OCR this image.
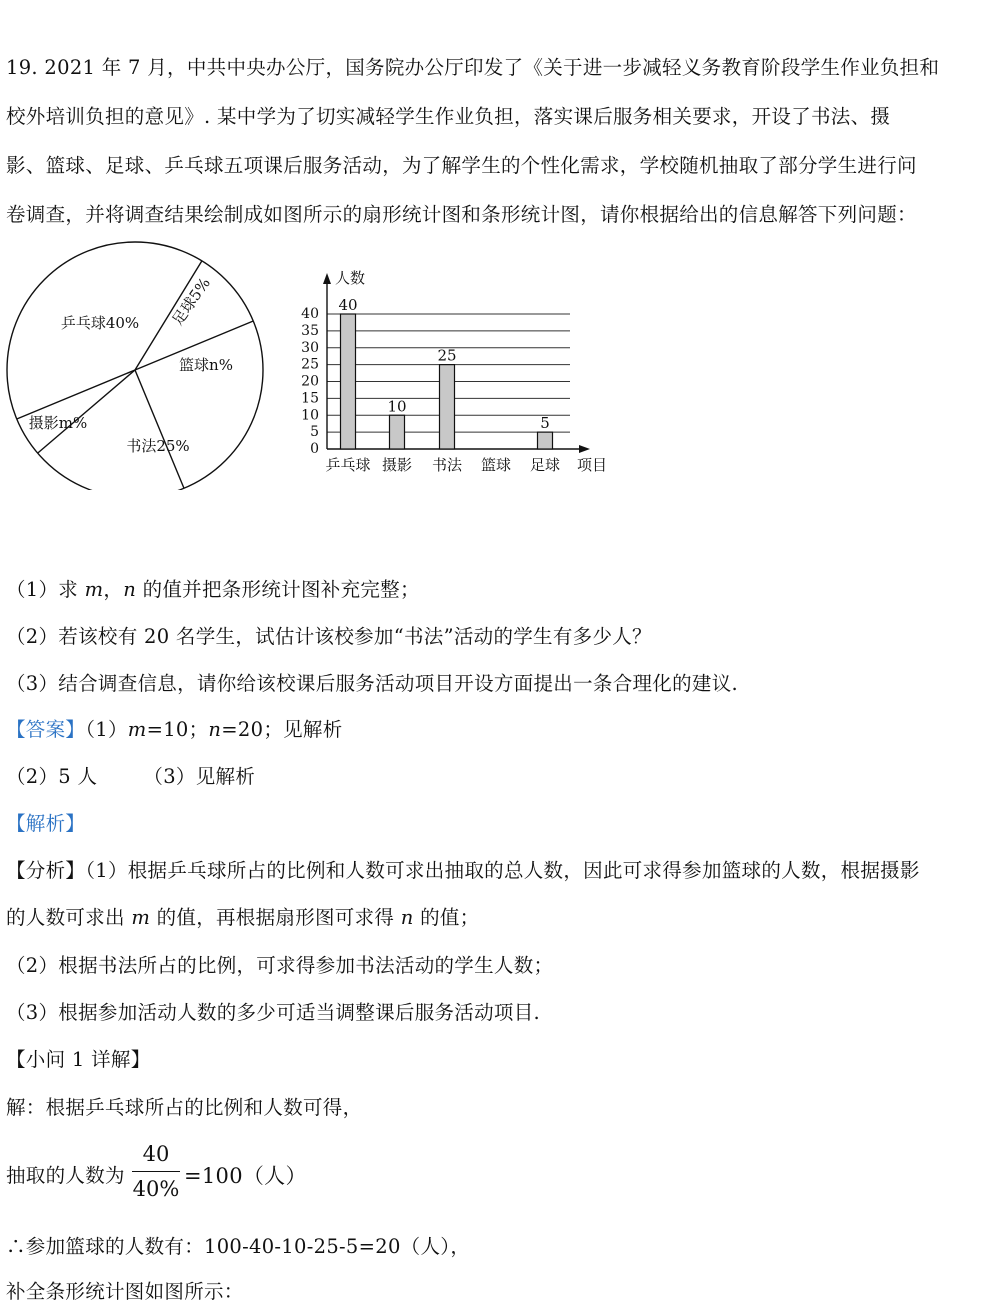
19. 2021 年 7 月，中共中央办公厅，国务院办公厅印发了《关于进一步减轻义务教育阶段学生作业负担和
校外培训负担的意见》. 某中学为了切实减轻学生作业负担，落实课后服务相关要求，开设了书法、摄
影、篮球、足球、乒乓球五项课后服务活动，为了解学生的个性化需求，学校随机抽取了部分学生进行问
卷调查，并将调查结果绘制成如图所示的扇形统计图和条形统计图，请你根据给出的信息解答下列问题：
乒乓球40% 足球5%
篮球n%
书法25%
摄影m%
0
5
10
15
20
25
30
35
40
人数
项目
乒乓球
40
摄影
10
书法
25
篮球 足球
5
（1）求 m，n 的值并把条形统计图补充完整；
（2）若该校有 20 名学生，试估计该校参加“书法”活动的学生有多少人？
（3）结合调查信息，请你给该校课后服务活动项目开设方面提出一条合理化的建议.
【答案】（1）m=10；n=20；见解析
（2）5 人　　 （3）见解析
【解析】
【分析】（1）根据乒乓球所占的比例和人数可求出抽取的总人数，因此可求得参加篮球的人数，根据摄影
的人数可求出 m 的值，再根据扇形图可求得 n 的值；
（2）根据书法所占的比例，可求得参加书法活动的学生人数；
（3）根据参加活动人数的多少可适当调整课后服务活动项目.
【小问 1 详解】
解：根据乒乓球所占的比例和人数可得，
抽取的人数为
40
40%
=100（人）
∴参加篮球的人数有：100-40-10-25-5=20（人），
补全条形统计图如图所示：
